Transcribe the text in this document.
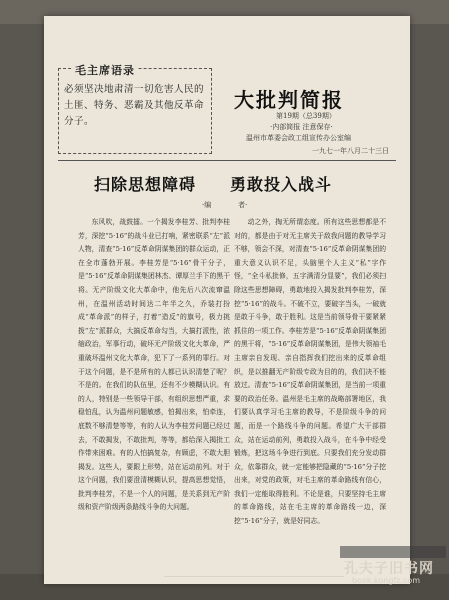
毛主席语录
必须坚决地肃清一切危害人民的土匪、特务、恶霸及其他反革命分子。
大批判简报
第19期（总39期）
·内部简报 注意保存·
温州市革委会政工组宣传办公室编
一九七一年八月二十三日
扫除思想障碍 勇敢投入战斗
·编	者·

东风吹，战鼓擂。一个揭发李桂芳、批判李桂芳，深挖“5·16”的战斗业已打响，紧密联系“左”派人物，清查“5·16”反革命阴谋集团的群众运动，正在全市蓬勃开展。李桂芳是“5·16”骨干分子，是“5·16”反革命阴谋集团林杰、谭厚兰手下的黑干将。无产阶级文化大革命中，他先后八次流窜温州，在温州活动时间达二年半之久，乔装打扮成“革命派”的样子，打着“造反”的旗号，极力挑拨“左”派群众，大搞反革命勾当，大搞打派性，浓缩政治，军事行动，破坏无产阶级文化大革命，严重破坏温州文化大革命，犯下了一系列的罪行。对于这个问题，是不是所有的人都已认识清楚了呢？不是的。在我们的队伍里，还有不少模糊认识。有的人，特别是一些领导干部，有组织思想严重，求稳怕乱，认为温州问题敏感，怕揭出来，怕牵连，底数不够清楚等等，有的人认为李桂芳问题已经过去，不敢揭发，不敢批判，等等，都给深入揭批工作带来困难。有的人怕搞复杂，有顾虑，不敢大胆揭发。这些人，要跟上形势，站在运动前列。对于这个问题，我们要澄清模糊认识，提高思想觉悟，批判李桂芳，不是一个人的问题，是关系到无产阶级和资产阶级两条路线斗争的大问题。

动之外，掏无所谓态度。所有这些思想都是不对的，都是由于对无主席关于敌我问题的教导学习不够，领会不深，对清查“5·16”反革命阴谋集团的重大意义认识不足，头脑里个人主义“私”字作怪，“全斗私批修，五字满清分显要”，我们必须扫除这些思想障碍，勇敢地投入揭发批判李桂芳，深挖“5·16”的战斗。不破不立，要破字当头，一破就是敢于斗争，敢于胜利。这是当前领导骨干要紧紧抓住的一项工作。李桂芳是“5·16”反革命阴谋集团的黑干将，“5·16”反革命阴谋集团，是伟大领袖毛主席亲自发现、亲自指挥我们挖出来的反革命组织，是以推翻无产阶级专政为目的的，我们决不能放过。清查“5·16”反革命阴谋集团，是当前一项重要的政治任务。温州是毛主席的战略部署地区，我们要认真学习毛主席的教导，不是阶级斗争的问题，而是一个路线斗争的问题。希望广大干部群众，站在运动前列，勇敢投入战斗，在斗争中经受锻炼，把这场斗争进行到底。只要我们充分发动群众，依靠群众，就一定能够把隐藏的“5·16”分子挖出来，对党的政策，对毛主席的革命路线有信心，我们一定能取得胜利。不论是谁，只要坚持毛主席的革命路线，站在毛主席的革命路线一边，深挖“5·16”分子，就是好同志。

孔夫子旧书网
book.kongfz.com
